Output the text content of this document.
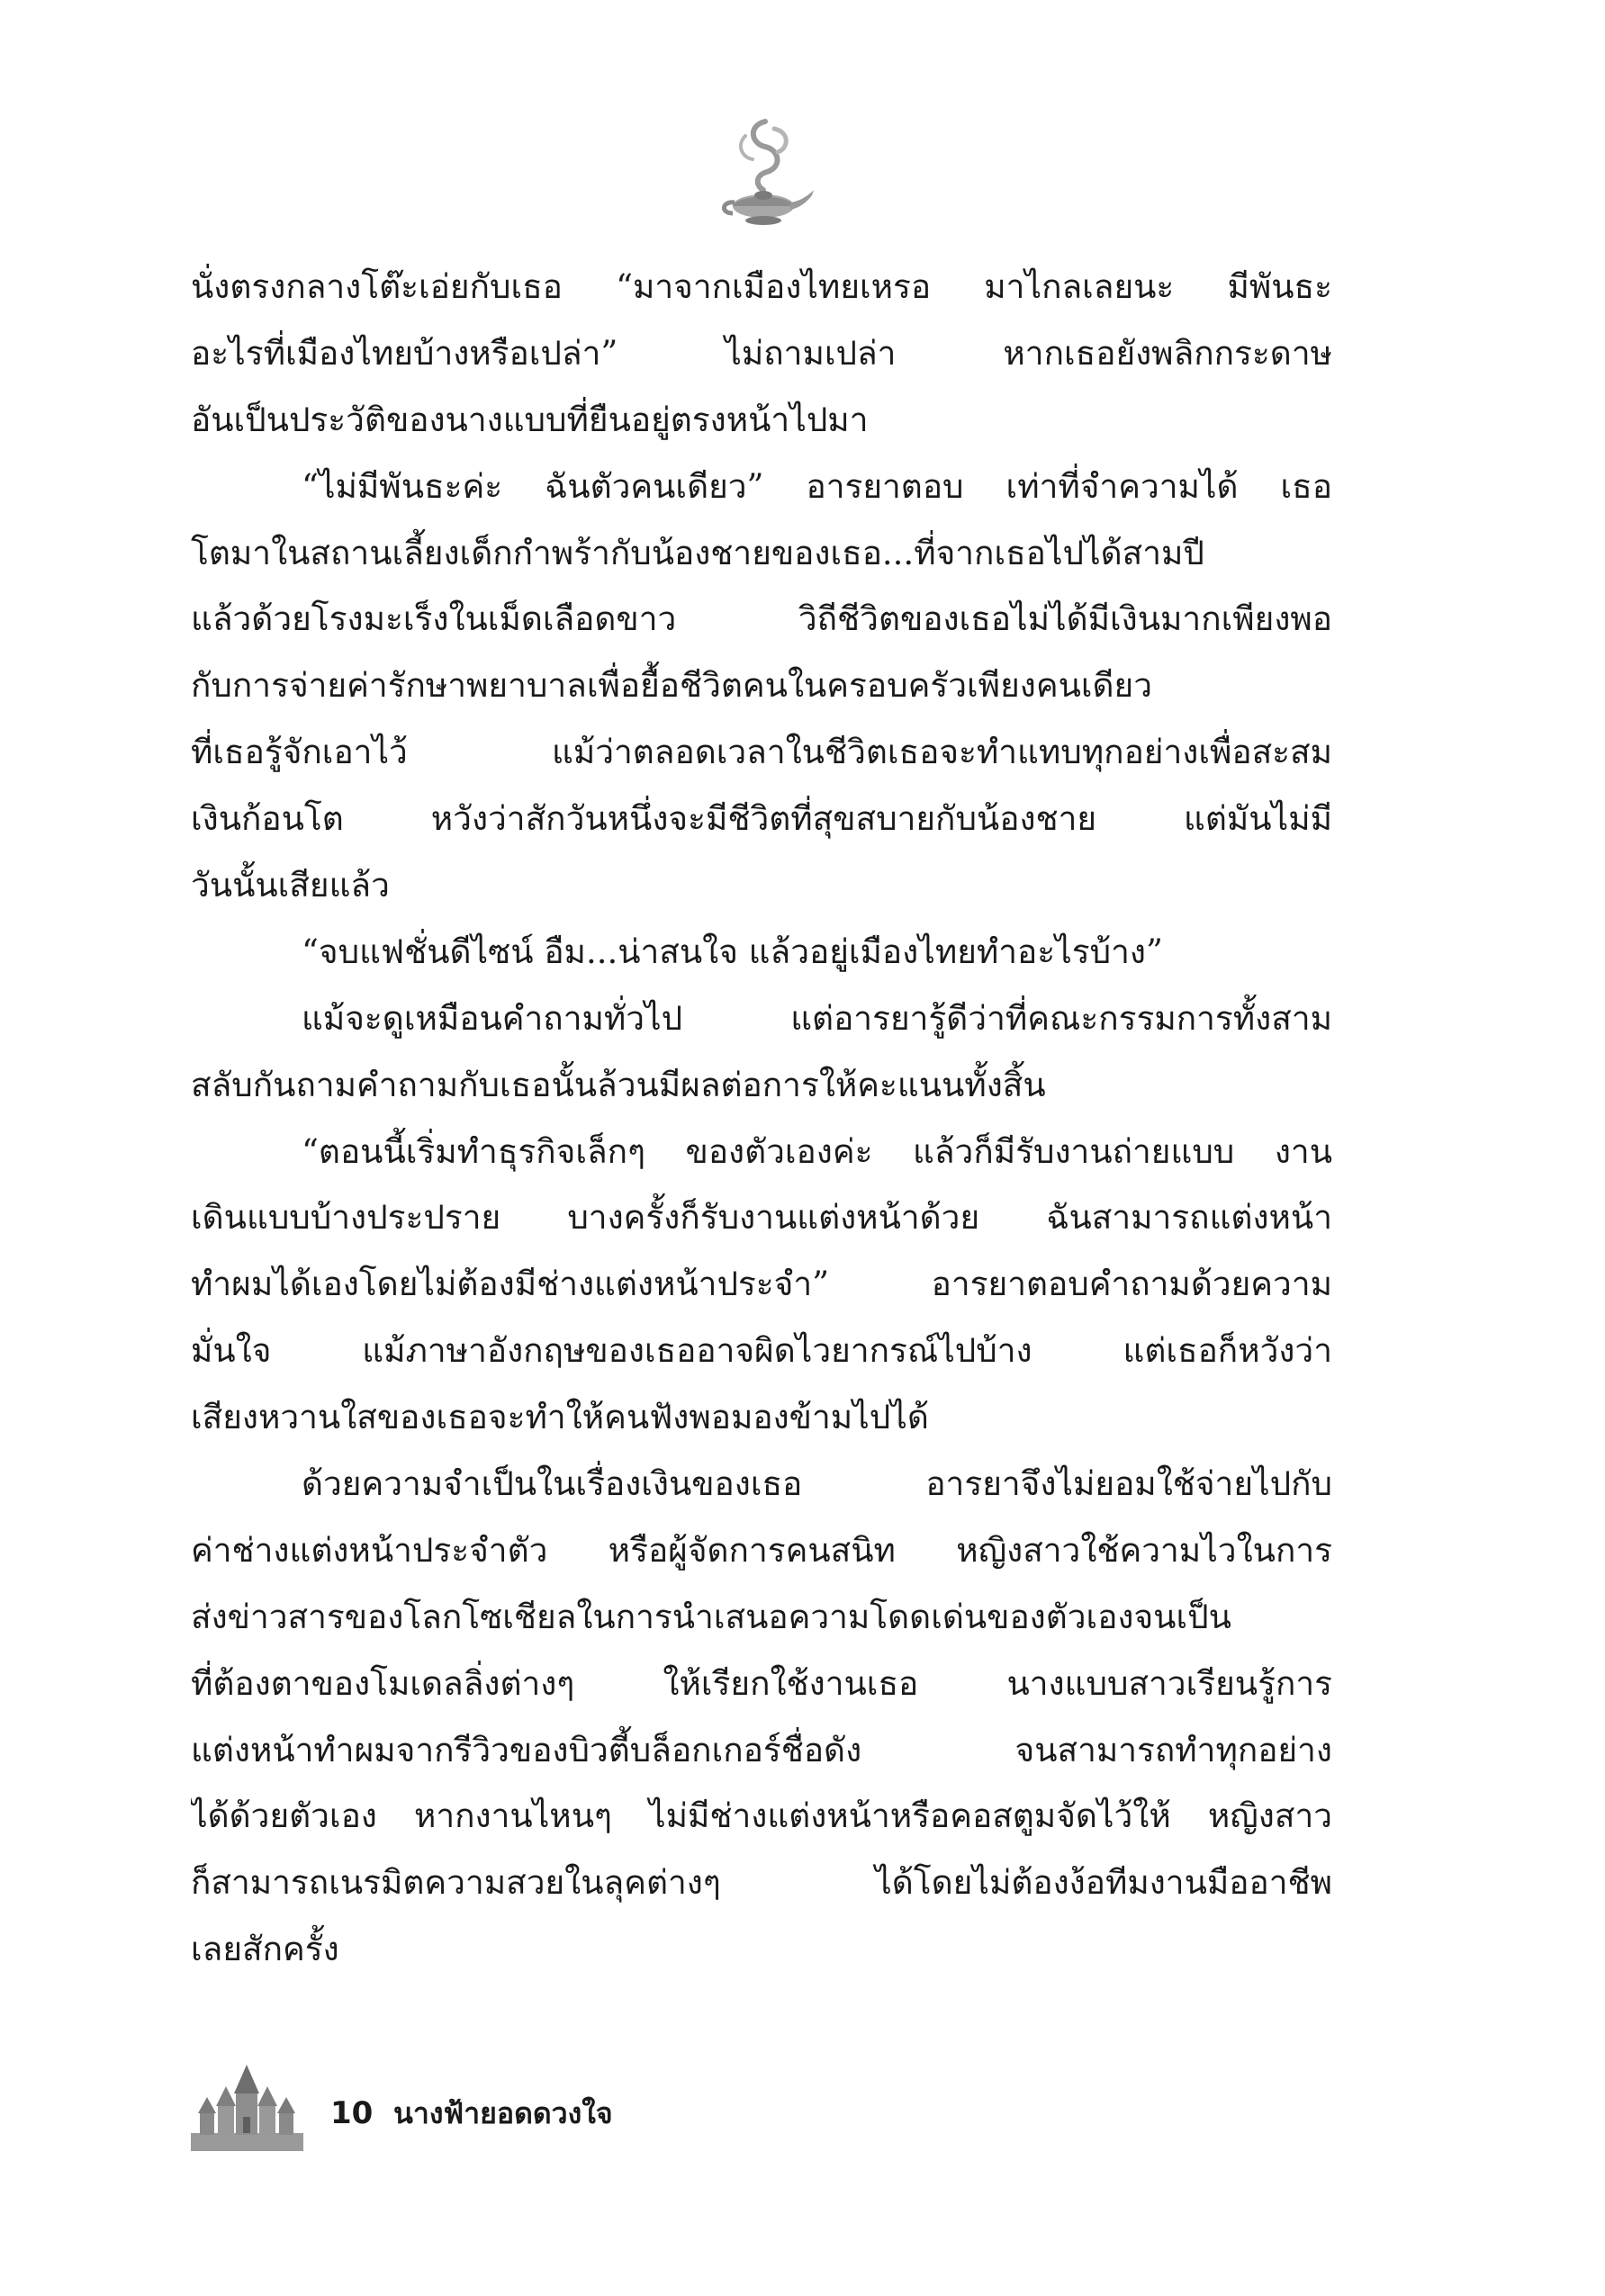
นั่งตรงกลางโต๊ะเอ่ยกับเธอ “มาจากเมืองไทยเหรอ มาไกลเลยนะ มีพันธะ
อะไรที่เมืองไทยบ้างหรือเปล่า” ไม่ถามเปล่า หากเธอยังพลิกกระดาษ
อันเป็นประวัติของนางแบบที่ยืนอยู่ตรงหน้าไปมา
“ไม่มีพันธะค่ะ ฉันตัวคนเดียว” อารยาตอบ เท่าที่จำความได้ เธอ
โตมาในสถานเลี้ยงเด็กกำพร้ากับน้องชายของเธอ...ที่จากเธอไปได้สามปี
แล้วด้วยโรงมะเร็งในเม็ดเลือดขาว วิถีชีวิตของเธอไม่ได้มีเงินมากเพียงพอ
กับการจ่ายค่ารักษาพยาบาลเพื่อยื้อชีวิตคนในครอบครัวเพียงคนเดียว
ที่เธอรู้จักเอาไว้ แม้ว่าตลอดเวลาในชีวิตเธอจะทำแทบทุกอย่างเพื่อสะสม
เงินก้อนโต หวังว่าสักวันหนึ่งจะมีชีวิตที่สุขสบายกับน้องชาย แต่มันไม่มี
วันนั้นเสียแล้ว
“จบแฟชั่นดีไซน์ อืม...น่าสนใจ แล้วอยู่เมืองไทยทำอะไรบ้าง”
แม้จะดูเหมือนคำถามทั่วไป แต่อารยารู้ดีว่าที่คณะกรรมการทั้งสาม
สลับกันถามคำถามกับเธอนั้นล้วนมีผลต่อการให้คะแนนทั้งสิ้น
“ตอนนี้เริ่มทำธุรกิจเล็กๆ ของตัวเองค่ะ แล้วก็มีรับงานถ่ายแบบ งาน
เดินแบบบ้างประปราย บางครั้งก็รับงานแต่งหน้าด้วย ฉันสามารถแต่งหน้า
ทำผมได้เองโดยไม่ต้องมีช่างแต่งหน้าประจำ” อารยาตอบคำถามด้วยความ
มั่นใจ แม้ภาษาอังกฤษของเธออาจผิดไวยากรณ์ไปบ้าง แต่เธอก็หวังว่า
เสียงหวานใสของเธอจะทำให้คนฟังพอมองข้ามไปได้
ด้วยความจำเป็นในเรื่องเงินของเธอ อารยาจึงไม่ยอมใช้จ่ายไปกับ
ค่าช่างแต่งหน้าประจำตัว หรือผู้จัดการคนสนิท หญิงสาวใช้ความไวในการ
ส่งข่าวสารของโลกโซเชียลในการนำเสนอความโดดเด่นของตัวเองจนเป็น
ที่ต้องตาของโมเดลลิ่งต่างๆ ให้เรียกใช้งานเธอ นางแบบสาวเรียนรู้การ
แต่งหน้าทำผมจากรีวิวของบิวตี้บล็อกเกอร์ชื่อดัง จนสามารถทำทุกอย่าง
ได้ด้วยตัวเอง หากงานไหนๆ ไม่มีช่างแต่งหน้าหรือคอสตูมจัดไว้ให้ หญิงสาว
ก็สามารถเนรมิตความสวยในลุคต่างๆ ได้โดยไม่ต้องง้อทีมงานมืออาชีพ
เลยสักครั้ง
10 นางฟ้ายอดดวงใจ
